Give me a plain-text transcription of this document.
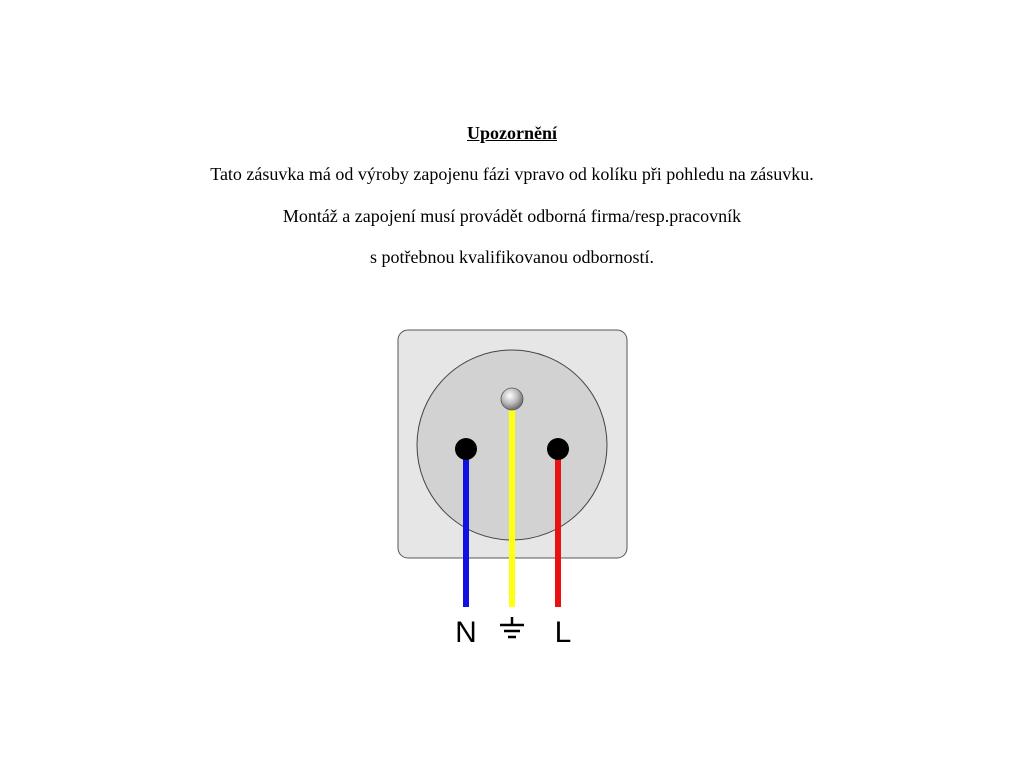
Upozornění

Tato zásuvka má od výroby zapojenu fázi vpravo od kolíku při pohledu na zásuvku.

Montáž a zapojení musí provádět odborná firma/resp.pracovník

s potřebnou kvalifikovanou odborností.

N	L
